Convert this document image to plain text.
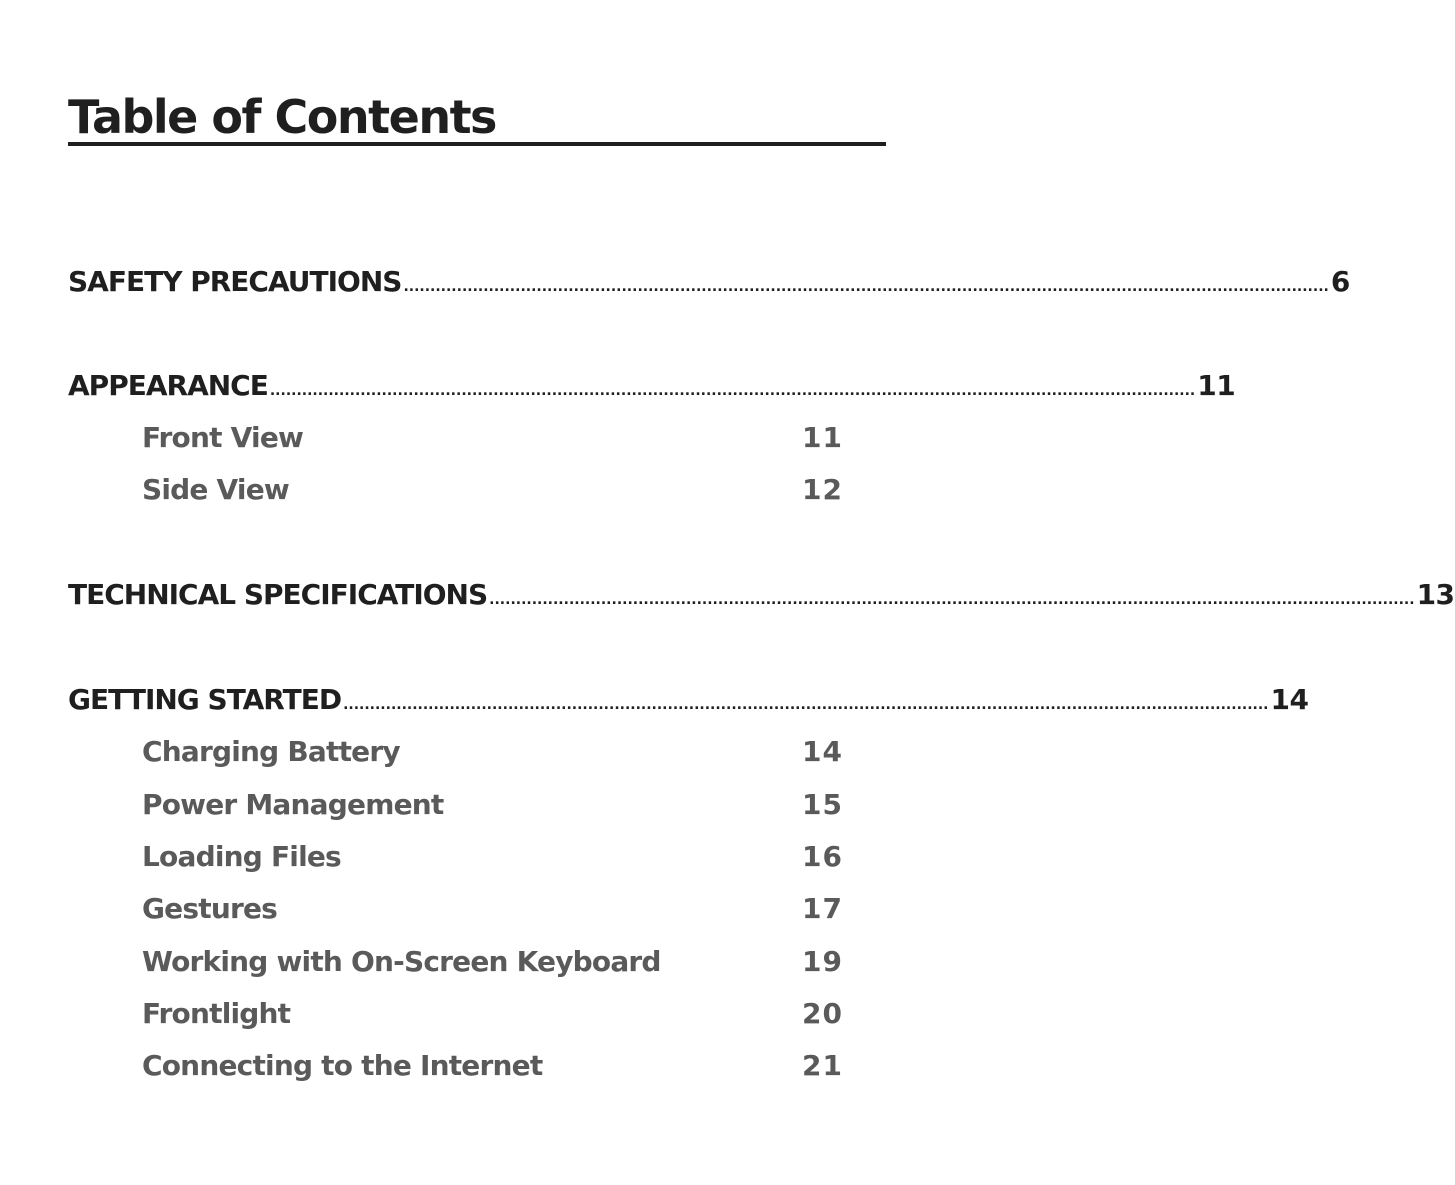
Table of Contents
SAFETY PRECAUTIONS .............................................................................................................................................................................. 6
APPEARANCE .............................................................................................................................................................................. 11
Front View	11
Side View	12
TECHNICAL SPECIFICATIONS .............................................................................................................................................................................. 13
GETTING STARTED .............................................................................................................................................................................. 14
Charging Battery	14
Power Management	15
Loading Files	16
Gestures	17
Working with On-Screen Keyboard	19
Frontlight	20
Connecting to the Internet	21
